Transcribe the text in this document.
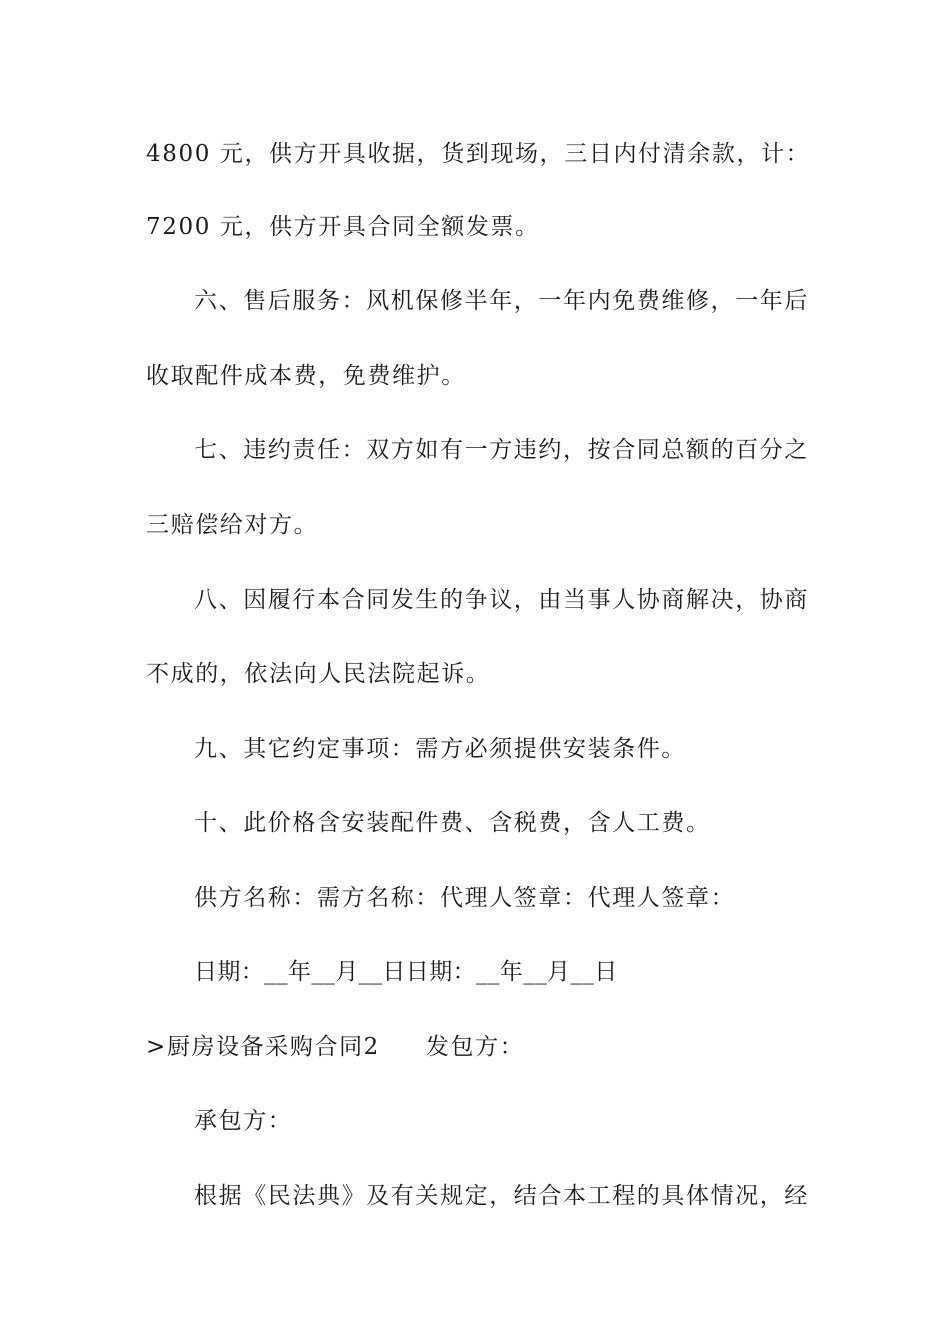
4800 元，供方开具收据，货到现场，三日内付清余款，计：
7200 元，供方开具合同全额发票。
六、售后服务：风机保修半年，一年内免费维修，一年后
收取配件成本费，免费维护。
七、违约责任：双方如有一方违约，按合同总额的百分之
三赔偿给对方。
八、因履行本合同发生的争议，由当事人协商解决，协商
不成的，依法向人民法院起诉。
九、其它约定事项：需方必须提供安装条件。
十、此价格含安装配件费、含税费，含人工费。
供方名称：需方名称：代理人签章：代理人签章：
日期：__年__月__日日期：__年__月__日
>厨房设备采购合同2 发包方：
承包方：
根据《民法典》及有关规定，结合本工程的具体情况，经
